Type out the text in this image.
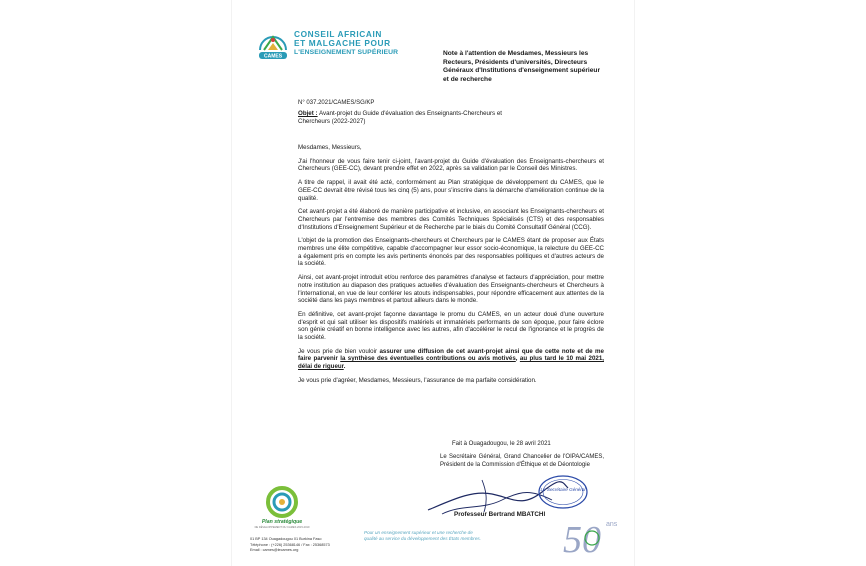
CAMES
CONSEIL AFRICAIN
ET MALGACHE POUR
L'ENSEIGNEMENT SUPÉRIEUR	Note à l'attention de Mesdames, Messieurs les Recteurs, Présidents d'universités, Directeurs Généraux d'Institutions d'enseignement supérieur et de recherche
N° 037.2021/CAMES/SG/KP
Objet : Avant-projet du Guide d'évaluation des Enseignants-Chercheurs et Chercheurs (2022-2027)

Mesdames, Messieurs,

J'ai l'honneur de vous faire tenir ci-joint, l'avant-projet du Guide d'évaluation des Enseignants-chercheurs et Chercheurs (GEE-CC), devant prendre effet en 2022, après sa validation par le Conseil des Ministres.

A titre de rappel, il avait été acté, conformément au Plan stratégique de développement du CAMES, que le GEE-CC devrait être révisé tous les cinq (5) ans, pour s'inscrire dans la démarche d'amélioration continue de la qualité.

Cet avant-projet a été élaboré de manière participative et inclusive, en associant les Enseignants-chercheurs et Chercheurs par l'entremise des membres des Comités Techniques Spécialisés (CTS) et des responsables d'Institutions d'Enseignement Supérieur et de Recherche par le biais du Comité Consultatif Général (CCG).

L'objet de la promotion des Enseignants-chercheurs et Chercheurs par le CAMES étant de proposer aux États membres une élite compétitive, capable d'accompagner leur essor socio-économique, la relecture du GEE-CC a également pris en compte les avis pertinents énoncés par des responsables politiques et d'autres acteurs de la société.

Ainsi, cet avant-projet introduit et/ou renforce des paramètres d'analyse et facteurs d'appréciation, pour mettre notre institution au diapason des pratiques actuelles d'évaluation des Enseignants-chercheurs et Chercheurs à l'international, en vue de leur conférer les atouts indispensables, pour répondre efficacement aux attentes de la société dans les pays membres et partout ailleurs dans le monde.

En définitive, cet avant-projet façonne davantage le promu du CAMES, en un acteur doué d'une ouverture d'esprit et qui sait utiliser les dispositifs matériels et immatériels performants de son époque, pour faire éclore son génie créatif en bonne intelligence avec les autres, afin d'accélérer le recul de l'ignorance et le progrès de la société.

Je vous prie de bien vouloir assurer une diffusion de cet avant-projet ainsi que de cette note et de me faire parvenir la synthèse des éventuelles contributions ou avis motivés, au plus tard le 10 mai 2021, délai de rigueur.

Je vous prie d'agréer, Mesdames, Messieurs, l'assurance de ma parfaite considération.

Fait à Ouagadougou, le 28 avril 2021
Le Secrétaire Général, Grand Chancelier de l'OIPA/CAMES, Président de la Commission d'Éthique et de Déontologie
Le Secrétaire Général
Professeur Bertrand MBATCHI
Plan stratégique
DE DÉVELOPPEMENT DU CAMES 2015-2019
01 BP 134 Ouagadougou 01 Burkina Faso
Téléphone : (+226) 25368146 / Fax : 25368573
Email : cames@lecames.org
Pour un enseignement supérieur et une recherche de qualité au service du développement des États membres. 50 ans
